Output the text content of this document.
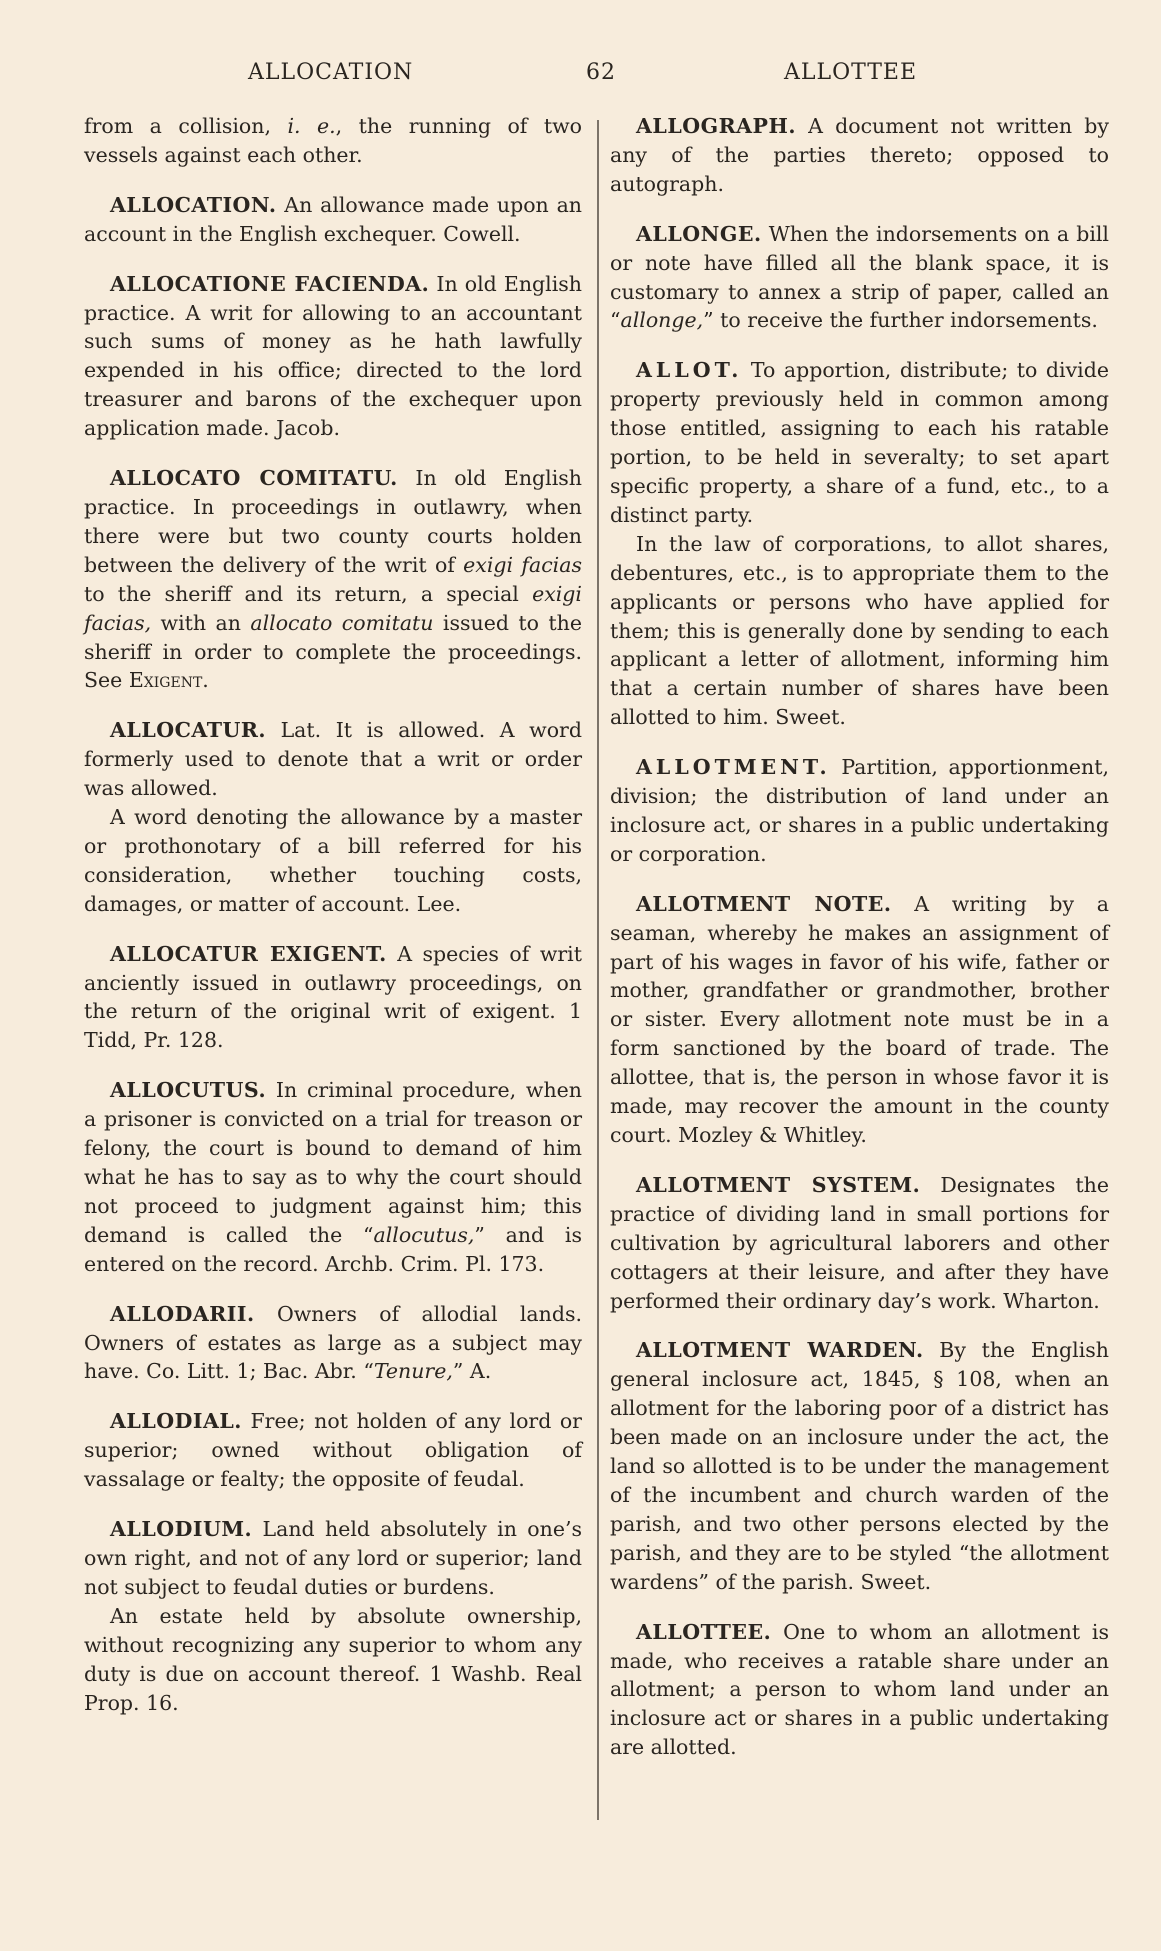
ALLOCATION	62	ALLOTTEE

from a collision, i. e., the running of two vessels against each other.

ALLOCATION. An allowance made upon an account in the English exchequer. Cowell.

ALLOCATIONE FACIENDA. In old English practice. A writ for allowing to an accountant such sums of money as he hath lawfully expended in his office; directed to the lord treasurer and barons of the exchequer upon application made. Jacob.

ALLOCATO COMITATU. In old English practice. In proceedings in outlawry, when there were but two county courts holden between the delivery of the writ of exigi facias to the sheriff and its return, a special exigi facias, with an allocato comitatu issued to the sheriff in order to complete the proceedings. See Exigent.

ALLOCATUR. Lat. It is allowed. A word formerly used to denote that a writ or order was allowed.

A word denoting the allowance by a master or prothonotary of a bill referred for his consideration, whether touching costs, damages, or matter of account. Lee.

ALLOCATUR EXIGENT. A species of writ anciently issued in outlawry proceedings, on the return of the original writ of exigent. 1 Tidd, Pr. 128.

ALLOCUTUS. In criminal procedure, when a prisoner is convicted on a trial for treason or felony, the court is bound to demand of him what he has to say as to why the court should not proceed to judgment against him; this demand is called the “allocutus,” and is entered on the record. Archb. Crim. Pl. 173.

ALLODARII. Owners of allodial lands. Owners of estates as large as a subject may have. Co. Litt. 1; Bac. Abr. “Tenure,” A.

ALLODIAL. Free; not holden of any lord or superior; owned without obligation of vassalage or fealty; the opposite of feudal.

ALLODIUM. Land held absolutely in one’s own right, and not of any lord or superior; land not subject to feudal duties or burdens.

An estate held by absolute ownership, without recognizing any superior to whom any duty is due on account thereof. 1 Washb. Real Prop. 16.

ALLOGRAPH. A document not written by any of the parties thereto; opposed to autograph.

ALLONGE. When the indorsements on a bill or note have filled all the blank space, it is customary to annex a strip of paper, called an “allonge,” to receive the further indorsements.

ALLOT. To apportion, distribute; to divide property previously held in common among those entitled, assigning to each his ratable portion, to be held in severalty; to set apart specific property, a share of a fund, etc., to a distinct party.

In the law of corporations, to allot shares, debentures, etc., is to appropriate them to the applicants or persons who have applied for them; this is generally done by sending to each applicant a letter of allotment, informing him that a certain number of shares have been allotted to him. Sweet.

ALLOTMENT. Partition, apportionment, division; the distribution of land under an inclosure act, or shares in a public undertaking or corporation.

ALLOTMENT NOTE. A writing by a seaman, whereby he makes an assignment of part of his wages in favor of his wife, father or mother, grandfather or grandmother, brother or sister. Every allotment note must be in a form sanctioned by the board of trade. The allottee, that is, the person in whose favor it is made, may recover the amount in the county court. Mozley & Whitley.

ALLOTMENT SYSTEM. Designates the practice of dividing land in small portions for cultivation by agricultural laborers and other cottagers at their leisure, and after they have performed their ordinary day’s work. Wharton.

ALLOTMENT WARDEN. By the English general inclosure act, 1845, § 108, when an allotment for the laboring poor of a district has been made on an inclosure under the act, the land so allotted is to be under the management of the incumbent and church warden of the parish, and two other persons elected by the parish, and they are to be styled “the allotment wardens” of the parish. Sweet.

ALLOTTEE. One to whom an allotment is made, who receives a ratable share under an allotment; a person to whom land under an inclosure act or shares in a public undertaking are allotted.
